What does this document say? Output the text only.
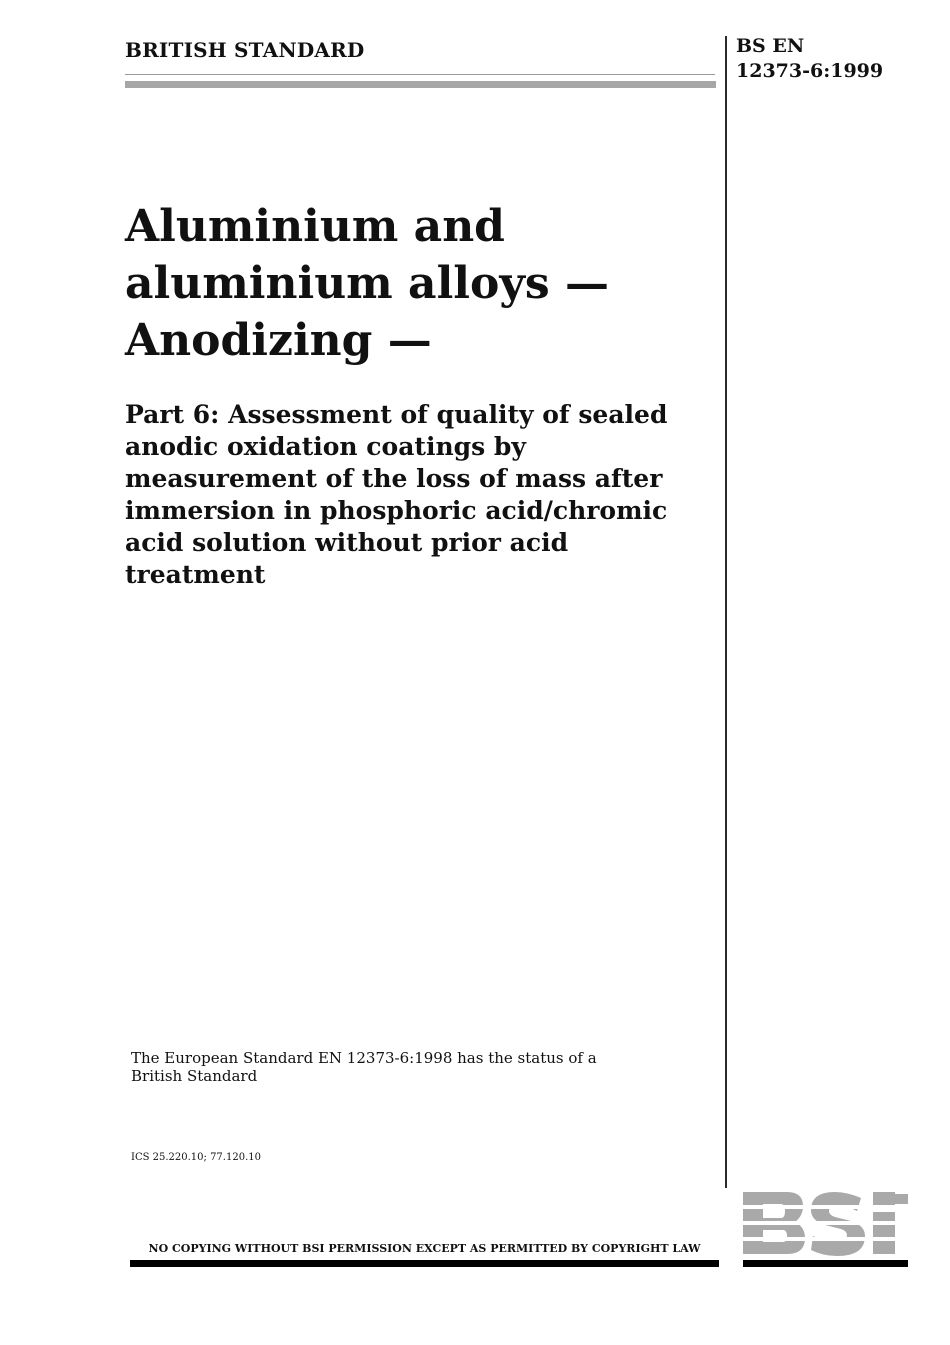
BRITISH STANDARD	BS EN
12373-6:1999
Aluminium and
aluminium alloys —
Anodizing —
Part 6: Assessment of quality of sealed
anodic oxidation coatings by
measurement of the loss of mass after
immersion in phosphoric acid/chromic
acid solution without prior acid
treatment
The European Standard EN 12373-6:1998 has the status of a
British Standard
ICS 25.220.10; 77.120.10
NO COPYING WITHOUT BSI PERMISSION EXCEPT AS PERMITTED BY COPYRIGHT LAW
